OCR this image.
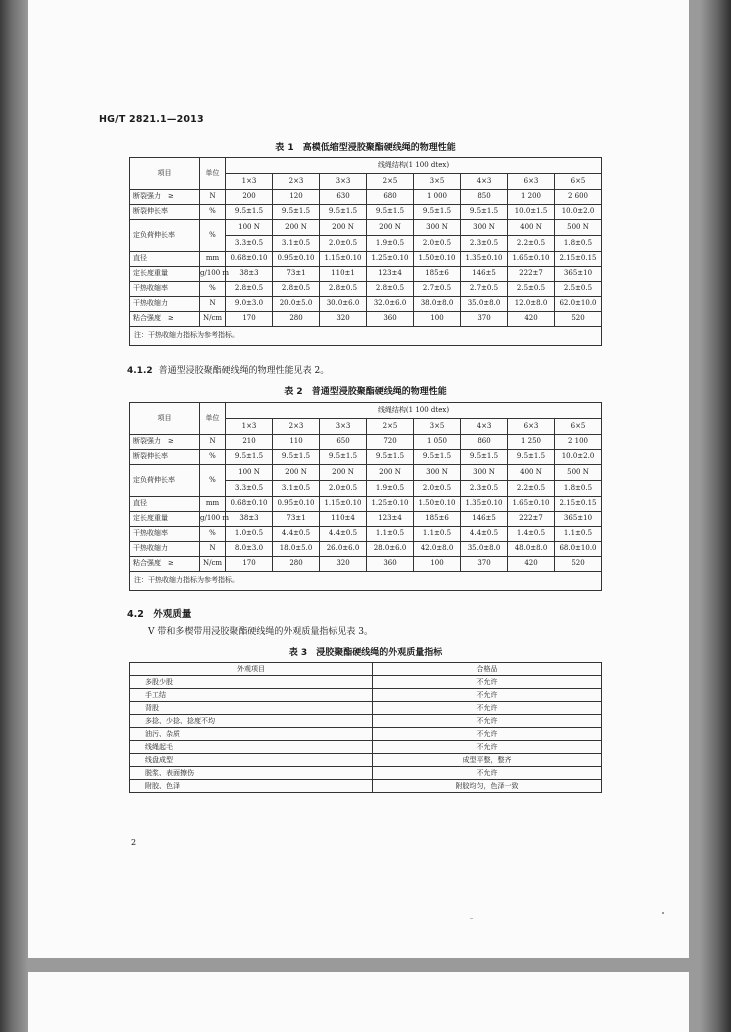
HG/T 2821.1—2013
表 1　高模低缩型浸胶聚酯硬线绳的物理性能
项目	单位	线绳结构(1 100 dtex)							
		1×3	2×3	3×3	2×5	3×5	4×3	6×3	6×5
断裂强力　≥	N	200	120	630	680	1 000	850	1 200	2 600
断裂伸长率	%	9.5±1.5	9.5±1.5	9.5±1.5	9.5±1.5	9.5±1.5	9.5±1.5	10.0±1.5	10.0±2.0
定负荷伸长率	%	100 N	200 N	200 N	200 N	300 N	300 N	400 N	500 N
		3.3±0.5	3.1±0.5	2.0±0.5	1.9±0.5	2.0±0.5	2.3±0.5	2.2±0.5	1.8±0.5
直径	mm	0.68±0.10	0.95±0.10	1.15±0.10	1.25±0.10	1.50±0.10	1.35±0.10	1.65±0.10	2.15±0.15
定长度重量	g/100 m	38±3	73±1	110±1	123±4	185±6	146±5	222±7	365±10
干热收缩率	%	2.8±0.5	2.8±0.5	2.8±0.5	2.8±0.5	2.7±0.5	2.7±0.5	2.5±0.5	2.5±0.5
干热收缩力	N	9.0±3.0	20.0±5.0	30.0±6.0	32.0±6.0	38.0±8.0	35.0±8.0	12.0±8.0	62.0±10.0
粘合强度　≥	N/cm	170	280	320	360	100	370	420	520
注：干热收缩力指标为参考指标。									
4.1.2 普通型浸胶聚酯硬线绳的物理性能见表 2。
表 2　普通型浸胶聚酯硬线绳的物理性能
项目	单位	线绳结构(1 100 dtex)							
		1×3	2×3	3×3	2×5	3×5	4×3	6×3	6×5
断裂强力　≥	N	210	110	650	720	1 050	860	1 250	2 100
断裂伸长率	%	9.5±1.5	9.5±1.5	9.5±1.5	9.5±1.5	9.5±1.5	9.5±1.5	9.5±1.5	10.0±2.0
定负荷伸长率	%	100 N	200 N	200 N	200 N	300 N	300 N	400 N	500 N
		3.3±0.5	3.1±0.5	2.0±0.5	1.9±0.5	2.0±0.5	2.3±0.5	2.2±0.5	1.8±0.5
直径	mm	0.68±0.10	0.95±0.10	1.15±0.10	1.25±0.10	1.50±0.10	1.35±0.10	1.65±0.10	2.15±0.15
定长度重量	g/100 m	38±3	73±1	110±4	123±4	185±6	146±5	222±7	365±10
干热收缩率	%	1.0±0.5	4.4±0.5	4.4±0.5	1.1±0.5	1.1±0.5	4.4±0.5	1.4±0.5	1.1±0.5
干热收缩力	N	8.0±3.0	18.0±5.0	26.0±6.0	28.0±6.0	42.0±8.0	35.0±8.0	48.0±8.0	68.0±10.0
粘合强度　≥	N/cm	170	280	320	360	100	370	420	520
注：干热收缩力指标为参考指标。									
4.2　 外观质量
V 带和多楔带用浸胶聚酯硬线绳的外观质量指标见表 3。
表 3　浸胶聚酯硬线绳的外观质量指标
外观项目	合格品
多股少股	不允许
手工结	不允许
背股	不允许
多捻、少捻、捻度不均	不允许
油污、杂质	不允许
线绳起毛	不允许
线盘成型	成型平整，整齐
脱浆、表面擦伤	不允许
附胶、色泽	附胶均匀，色泽一致
2
